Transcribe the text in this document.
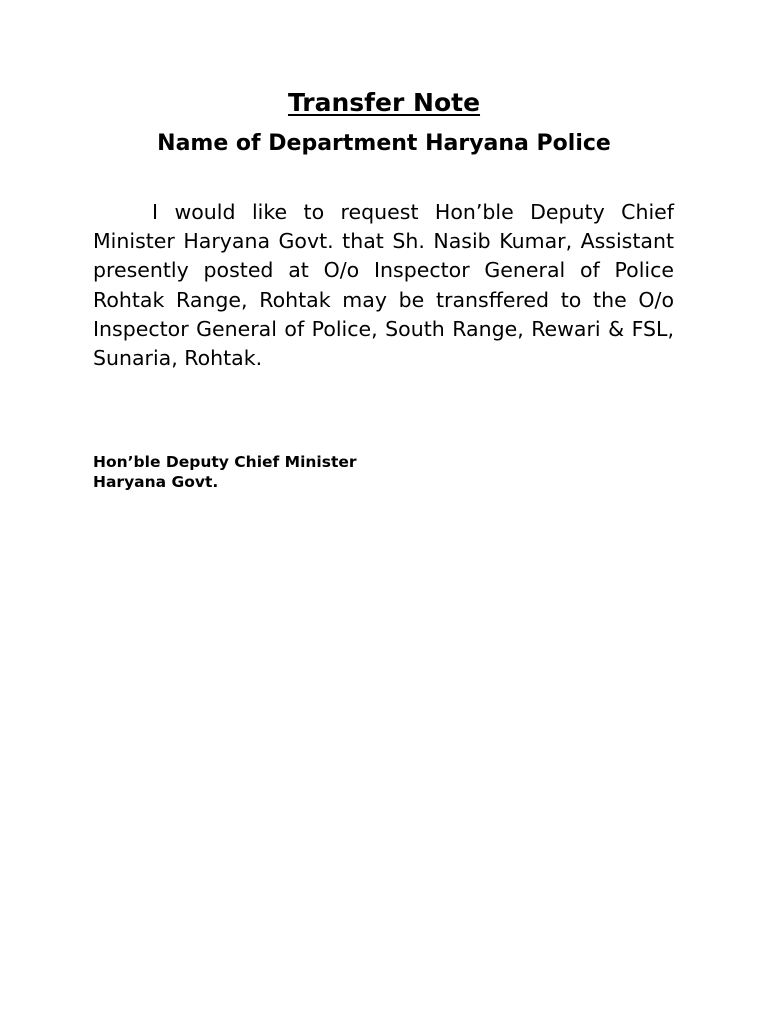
Transfer Note
Name of Department Haryana Police

I would like to request Hon’ble Deputy Chief Minister Haryana Govt. that Sh. Nasib Kumar, Assistant presently posted at O/o Inspector General of Police Rohtak Range, Rohtak may be transffered to the O/o Inspector General of Police, South Range, Rewari & FSL, Sunaria, Rohtak.

Hon’ble Deputy Chief Minister
Haryana Govt.
